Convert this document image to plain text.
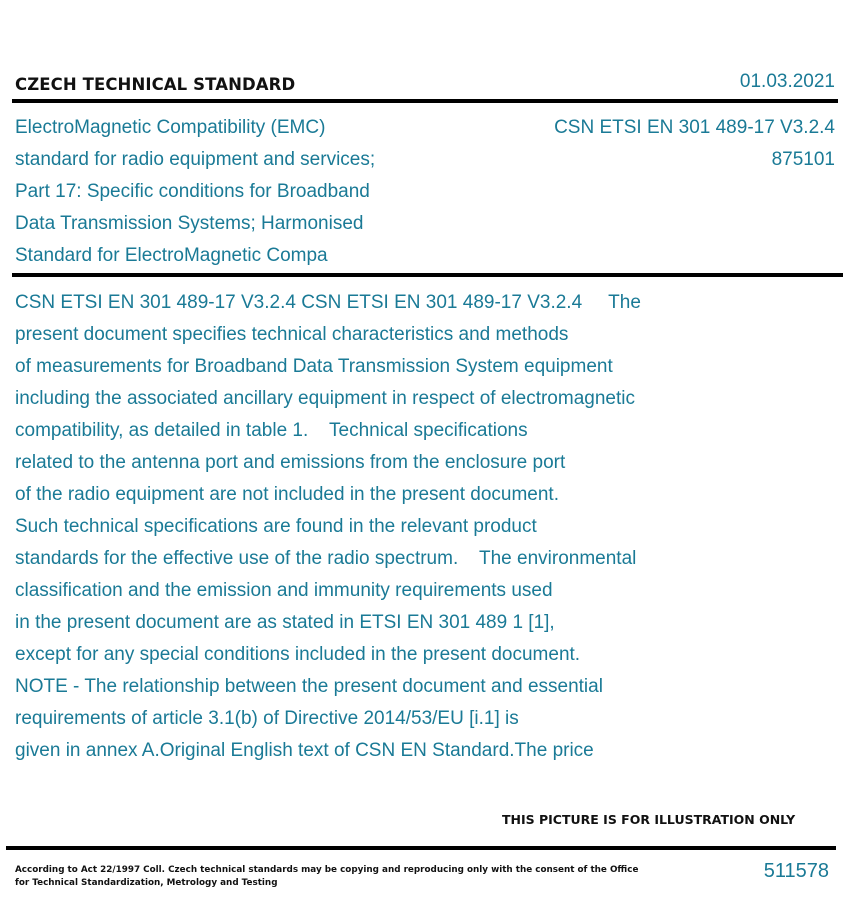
CZECH TECHNICAL STANDARD	01.03.2021
ElectroMagnetic Compatibility (EMC)
standard for radio equipment and services;
Part 17: Specific conditions for Broadband
Data Transmission Systems; Harmonised
Standard for ElectroMagnetic Compa
CSN ETSI EN 301 489-17 V3.2.4
875101
CSN ETSI EN 301 489-17 V3.2.4 CSN ETSI EN 301 489-17 V3.2.4     The
present document specifies technical characteristics and methods
of measurements for Broadband Data Transmission System equipment
including the associated ancillary equipment in respect of electromagnetic
compatibility, as detailed in table 1.    Technical specifications
related to the antenna port and emissions from the enclosure port
of the radio equipment are not included in the present document.
Such technical specifications are found in the relevant product
standards for the effective use of the radio spectrum.    The environmental
classification and the emission and immunity requirements used
in the present document are as stated in ETSI EN 301 489 1 [1],
except for any special conditions included in the present document.
NOTE - The relationship between the present document and essential
requirements of article 3.1(b) of Directive 2014/53/EU [i.1] is
given in annex A.Original English text of CSN EN Standard.The price
THIS PICTURE IS FOR ILLUSTRATION ONLY
According to Act 22/1997 Coll. Czech technical standards may be copying and reproducing only with the consent of the Office
for Technical Standardization, Metrology and Testing
511578
